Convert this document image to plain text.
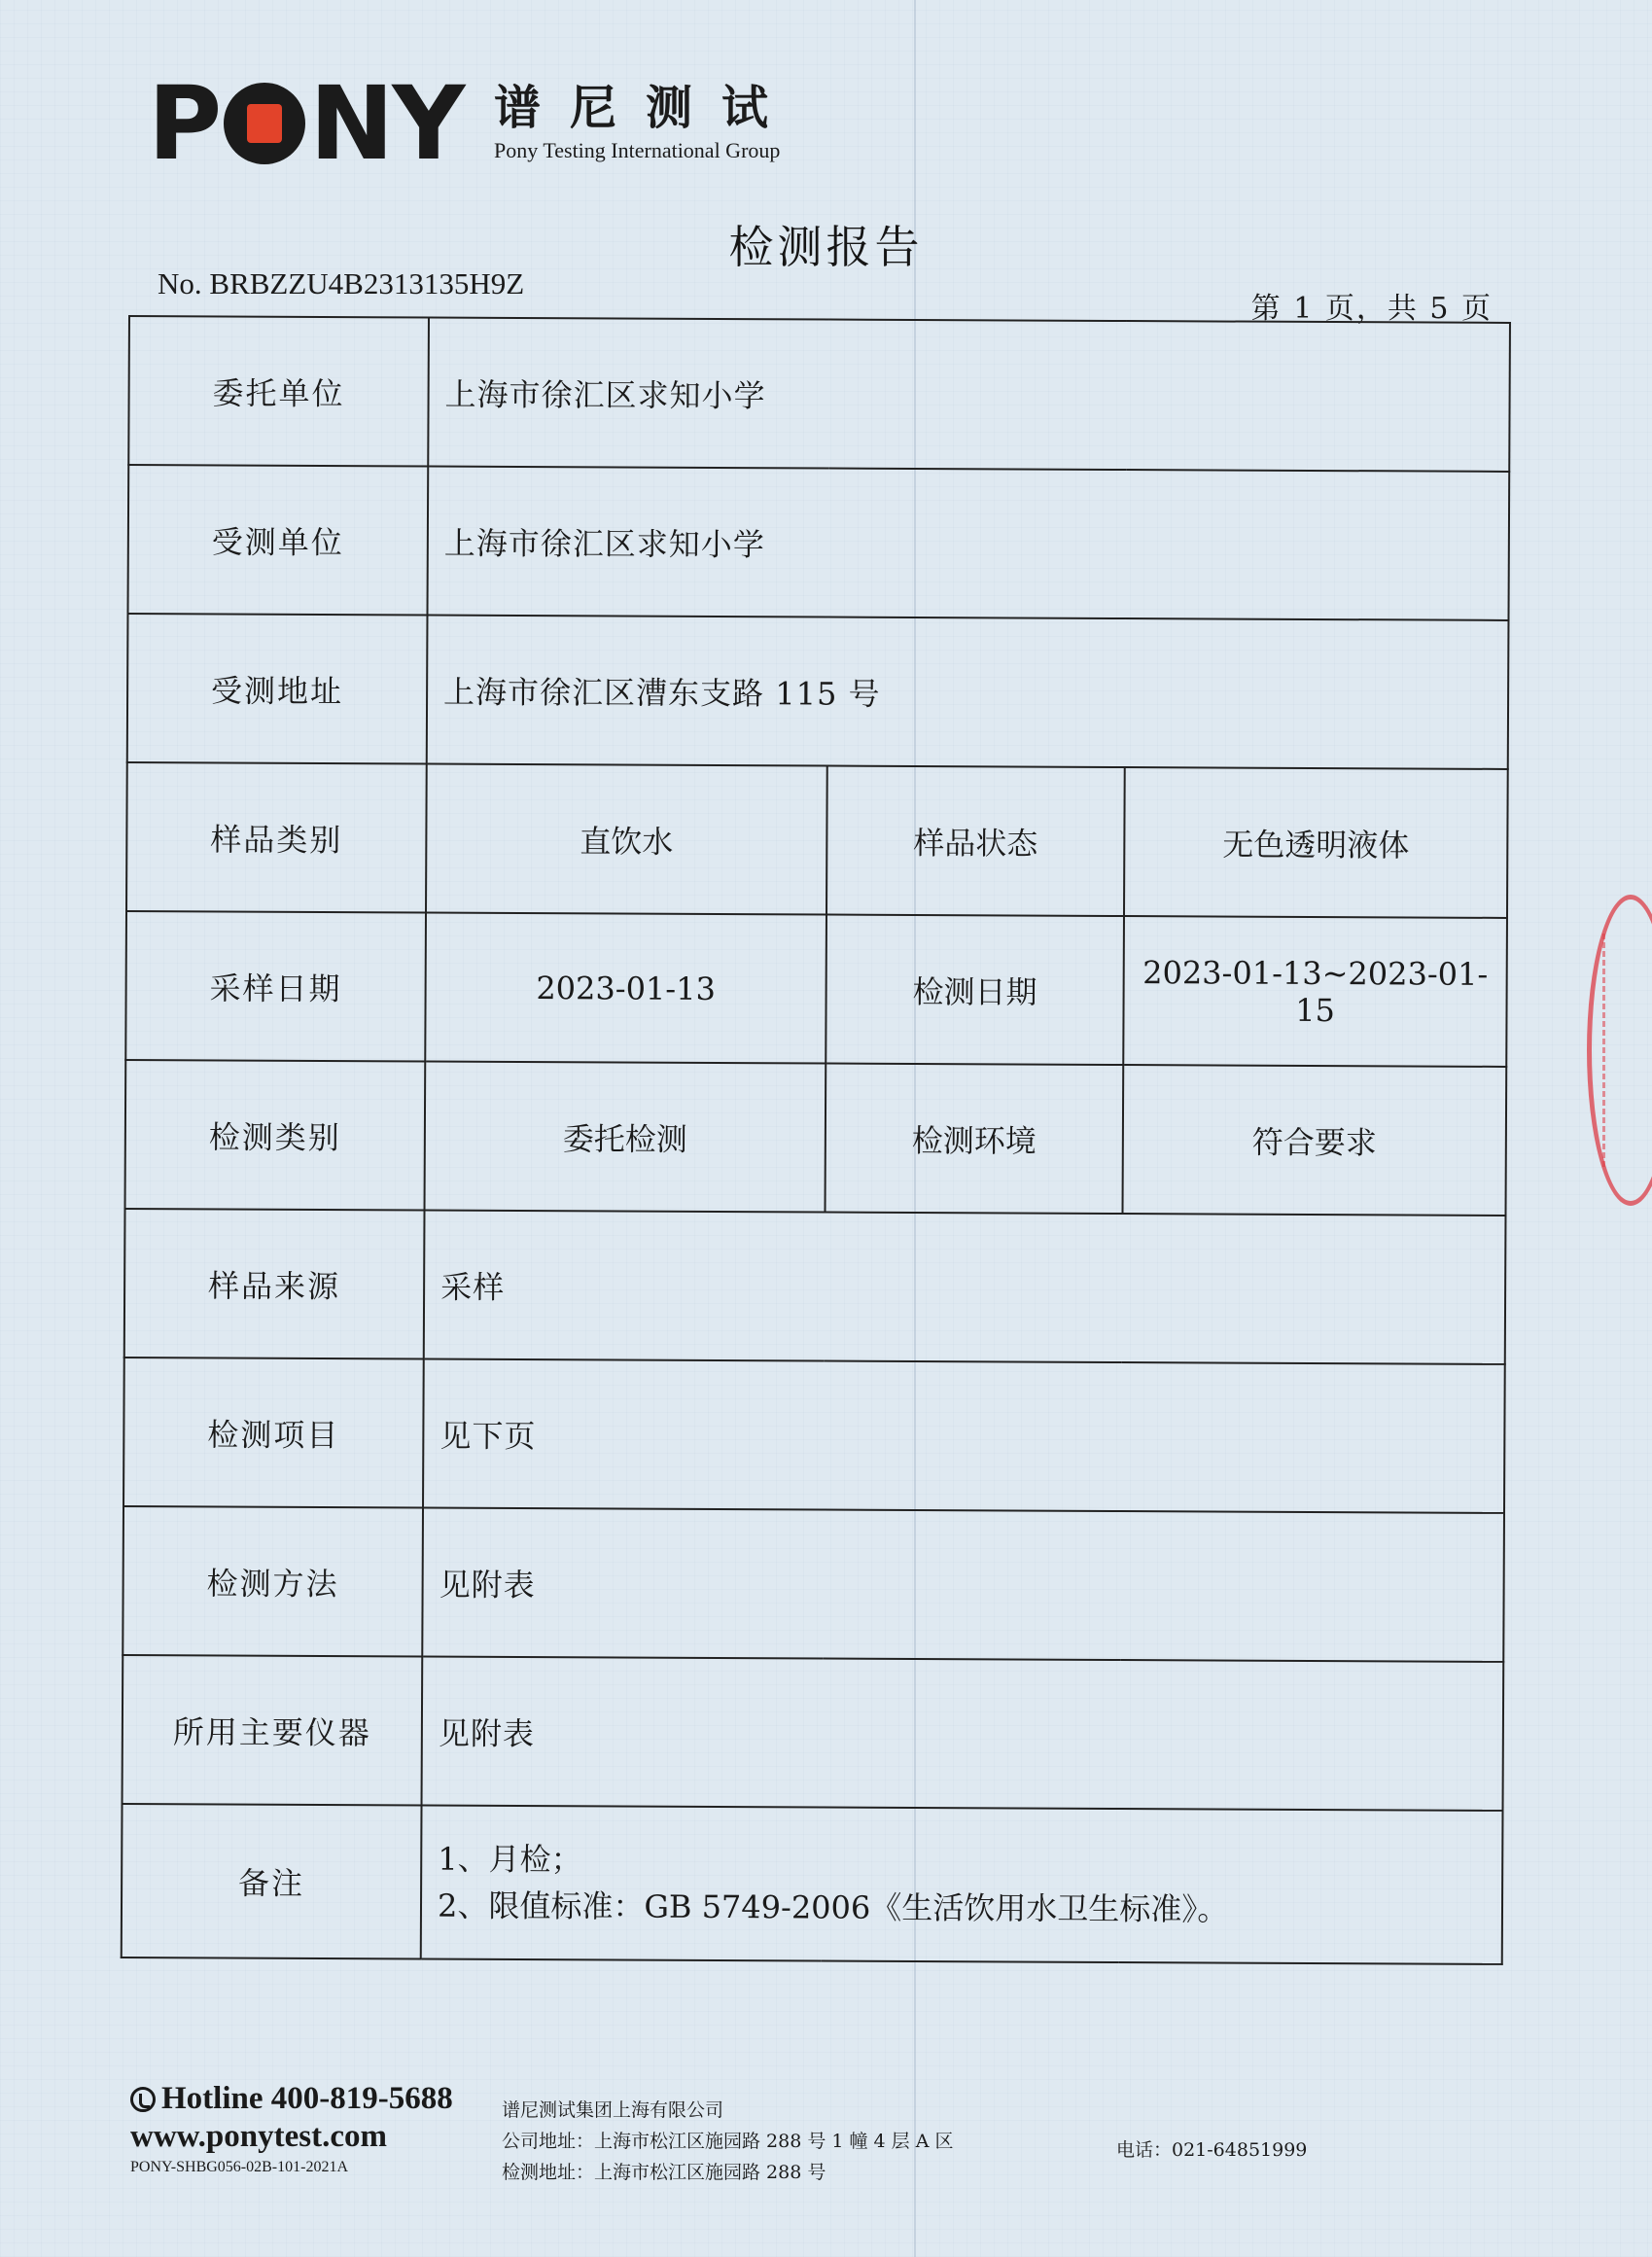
P NY 谱尼测试
Pony Testing International Group
检测报告
No. BRBZZU4B2313135H9Z
第 1 页，共 5 页
委托单位	上海市徐汇区求知小学		
受测单位	上海市徐汇区求知小学		
受测地址	上海市徐汇区漕东支路 115 号		
样品类别	直饮水	样品状态	无色透明液体
采样日期	2023-01-13	检测日期	2023-01-13~2023-01-15
检测类别	委托检测	检测环境	符合要求
样品来源	采样		
检测项目	见下页		
检测方法	见附表		
所用主要仪器	见附表		
备注	1、月检；
2、限值标准：GB 5749-2006《生活饮用水卫生标准》。		
Hotline 400-819-5688
www.ponytest.com
PONY-SHBG056-02B-101-2021A
谱尼测试集团上海有限公司
公司地址：上海市松江区施园路 288 号 1 幢 4 层 A 区
检测地址：上海市松江区施园路 288 号
电话：021-64851999
